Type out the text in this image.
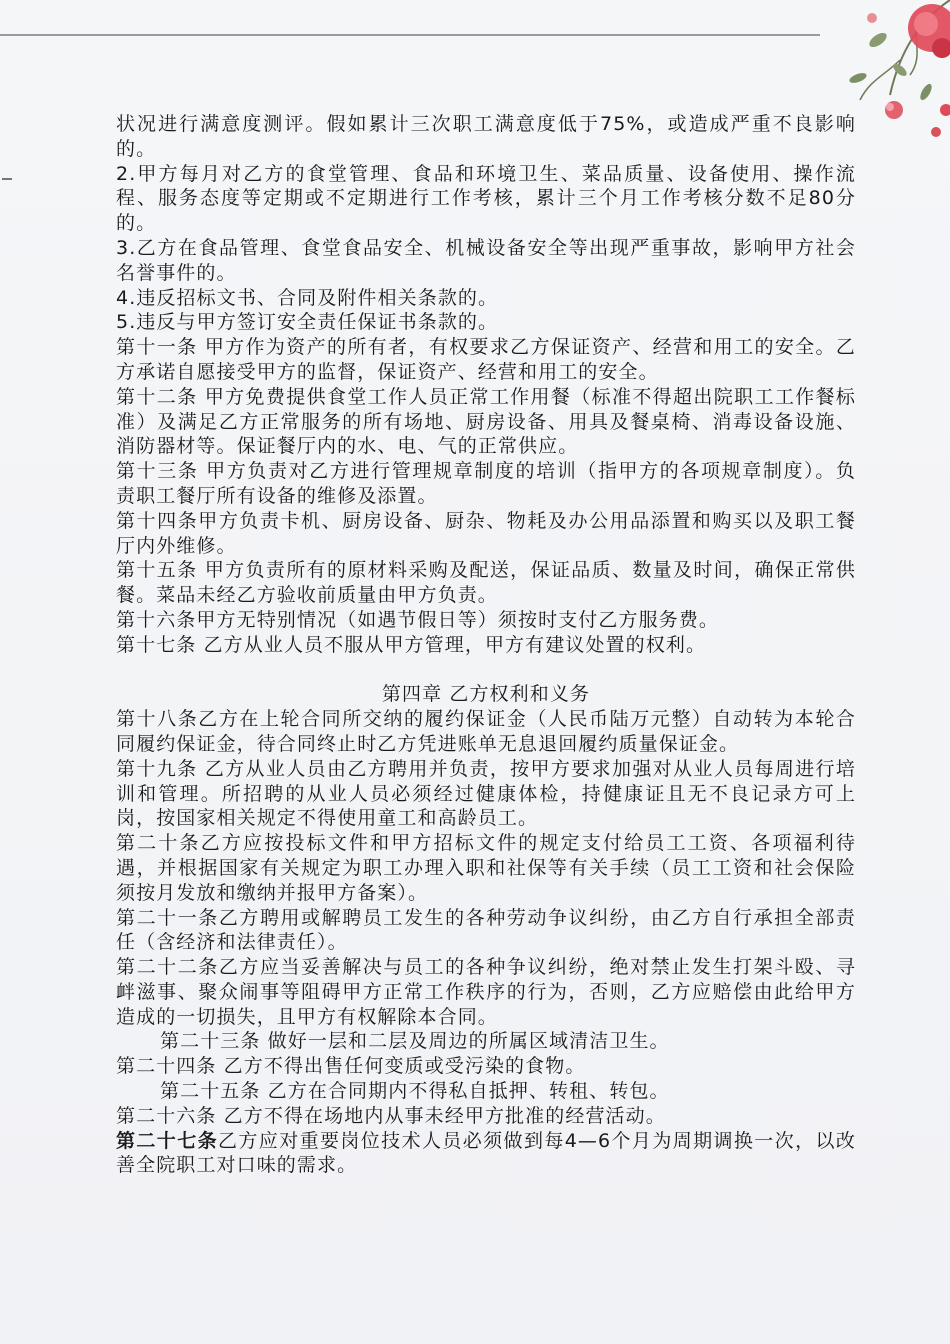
状况进行满意度测评。假如累计三次职工满意度低于75%，或造成严重不良影响的。

2.甲方每月对乙方的食堂管理、食品和环境卫生、菜品质量、设备使用、操作流程、服务态度等定期或不定期进行工作考核，累计三个月工作考核分数不足80分的。

3.乙方在食品管理、食堂食品安全、机械设备安全等出现严重事故，影响甲方社会名誉事件的。

4.违反招标文书、合同及附件相关条款的。

5.违反与甲方签订安全责任保证书条款的。

第十一条 甲方作为资产的所有者，有权要求乙方保证资产、经营和用工的安全。乙方承诺自愿接受甲方的监督，保证资产、经营和用工的安全。

第十二条 甲方免费提供食堂工作人员正常工作用餐（标准不得超出院职工工作餐标准）及满足乙方正常服务的所有场地、厨房设备、用具及餐桌椅、消毒设备设施、消防器材等。保证餐厅内的水、电、气的正常供应。

第十三条 甲方负责对乙方进行管理规章制度的培训（指甲方的各项规章制度）。负责职工餐厅所有设备的维修及添置。

第十四条甲方负责卡机、厨房设备、厨杂、物耗及办公用品添置和购买以及职工餐厅内外维修。

第十五条 甲方负责所有的原材料采购及配送，保证品质、数量及时间，确保正常供餐。菜品未经乙方验收前质量由甲方负责。

第十六条甲方无特别情况（如遇节假日等）须按时支付乙方服务费。

第十七条 乙方从业人员不服从甲方管理，甲方有建议处置的权利。

第四章 乙方权利和义务

第十八条乙方在上轮合同所交纳的履约保证金（人民币陆万元整）自动转为本轮合同履约保证金，待合同终止时乙方凭进账单无息退回履约质量保证金。

第十九条 乙方从业人员由乙方聘用并负责，按甲方要求加强对从业人员每周进行培训和管理。所招聘的从业人员必须经过健康体检，持健康证且无不良记录方可上岗，按国家相关规定不得使用童工和高龄员工。

第二十条乙方应按投标文件和甲方招标文件的规定支付给员工工资、各项福利待遇，并根据国家有关规定为职工办理入职和社保等有关手续（员工工资和社会保险须按月发放和缴纳并报甲方备案）。

第二十一条乙方聘用或解聘员工发生的各种劳动争议纠纷，由乙方自行承担全部责任（含经济和法律责任）。

第二十二条乙方应当妥善解决与员工的各种争议纠纷，绝对禁止发生打架斗殴、寻衅滋事、聚众闹事等阻碍甲方正常工作秩序的行为，否则，乙方应赔偿由此给甲方造成的一切损失，且甲方有权解除本合同。

第二十三条 做好一层和二层及周边的所属区域清洁卫生。

第二十四条 乙方不得出售任何变质或受污染的食物。

第二十五条 乙方在合同期内不得私自抵押、转租、转包。

第二十六条 乙方不得在场地内从事未经甲方批准的经营活动。

第二十七条乙方应对重要岗位技术人员必须做到每4—6个月为周期调换一次，以改善全院职工对口味的需求。
